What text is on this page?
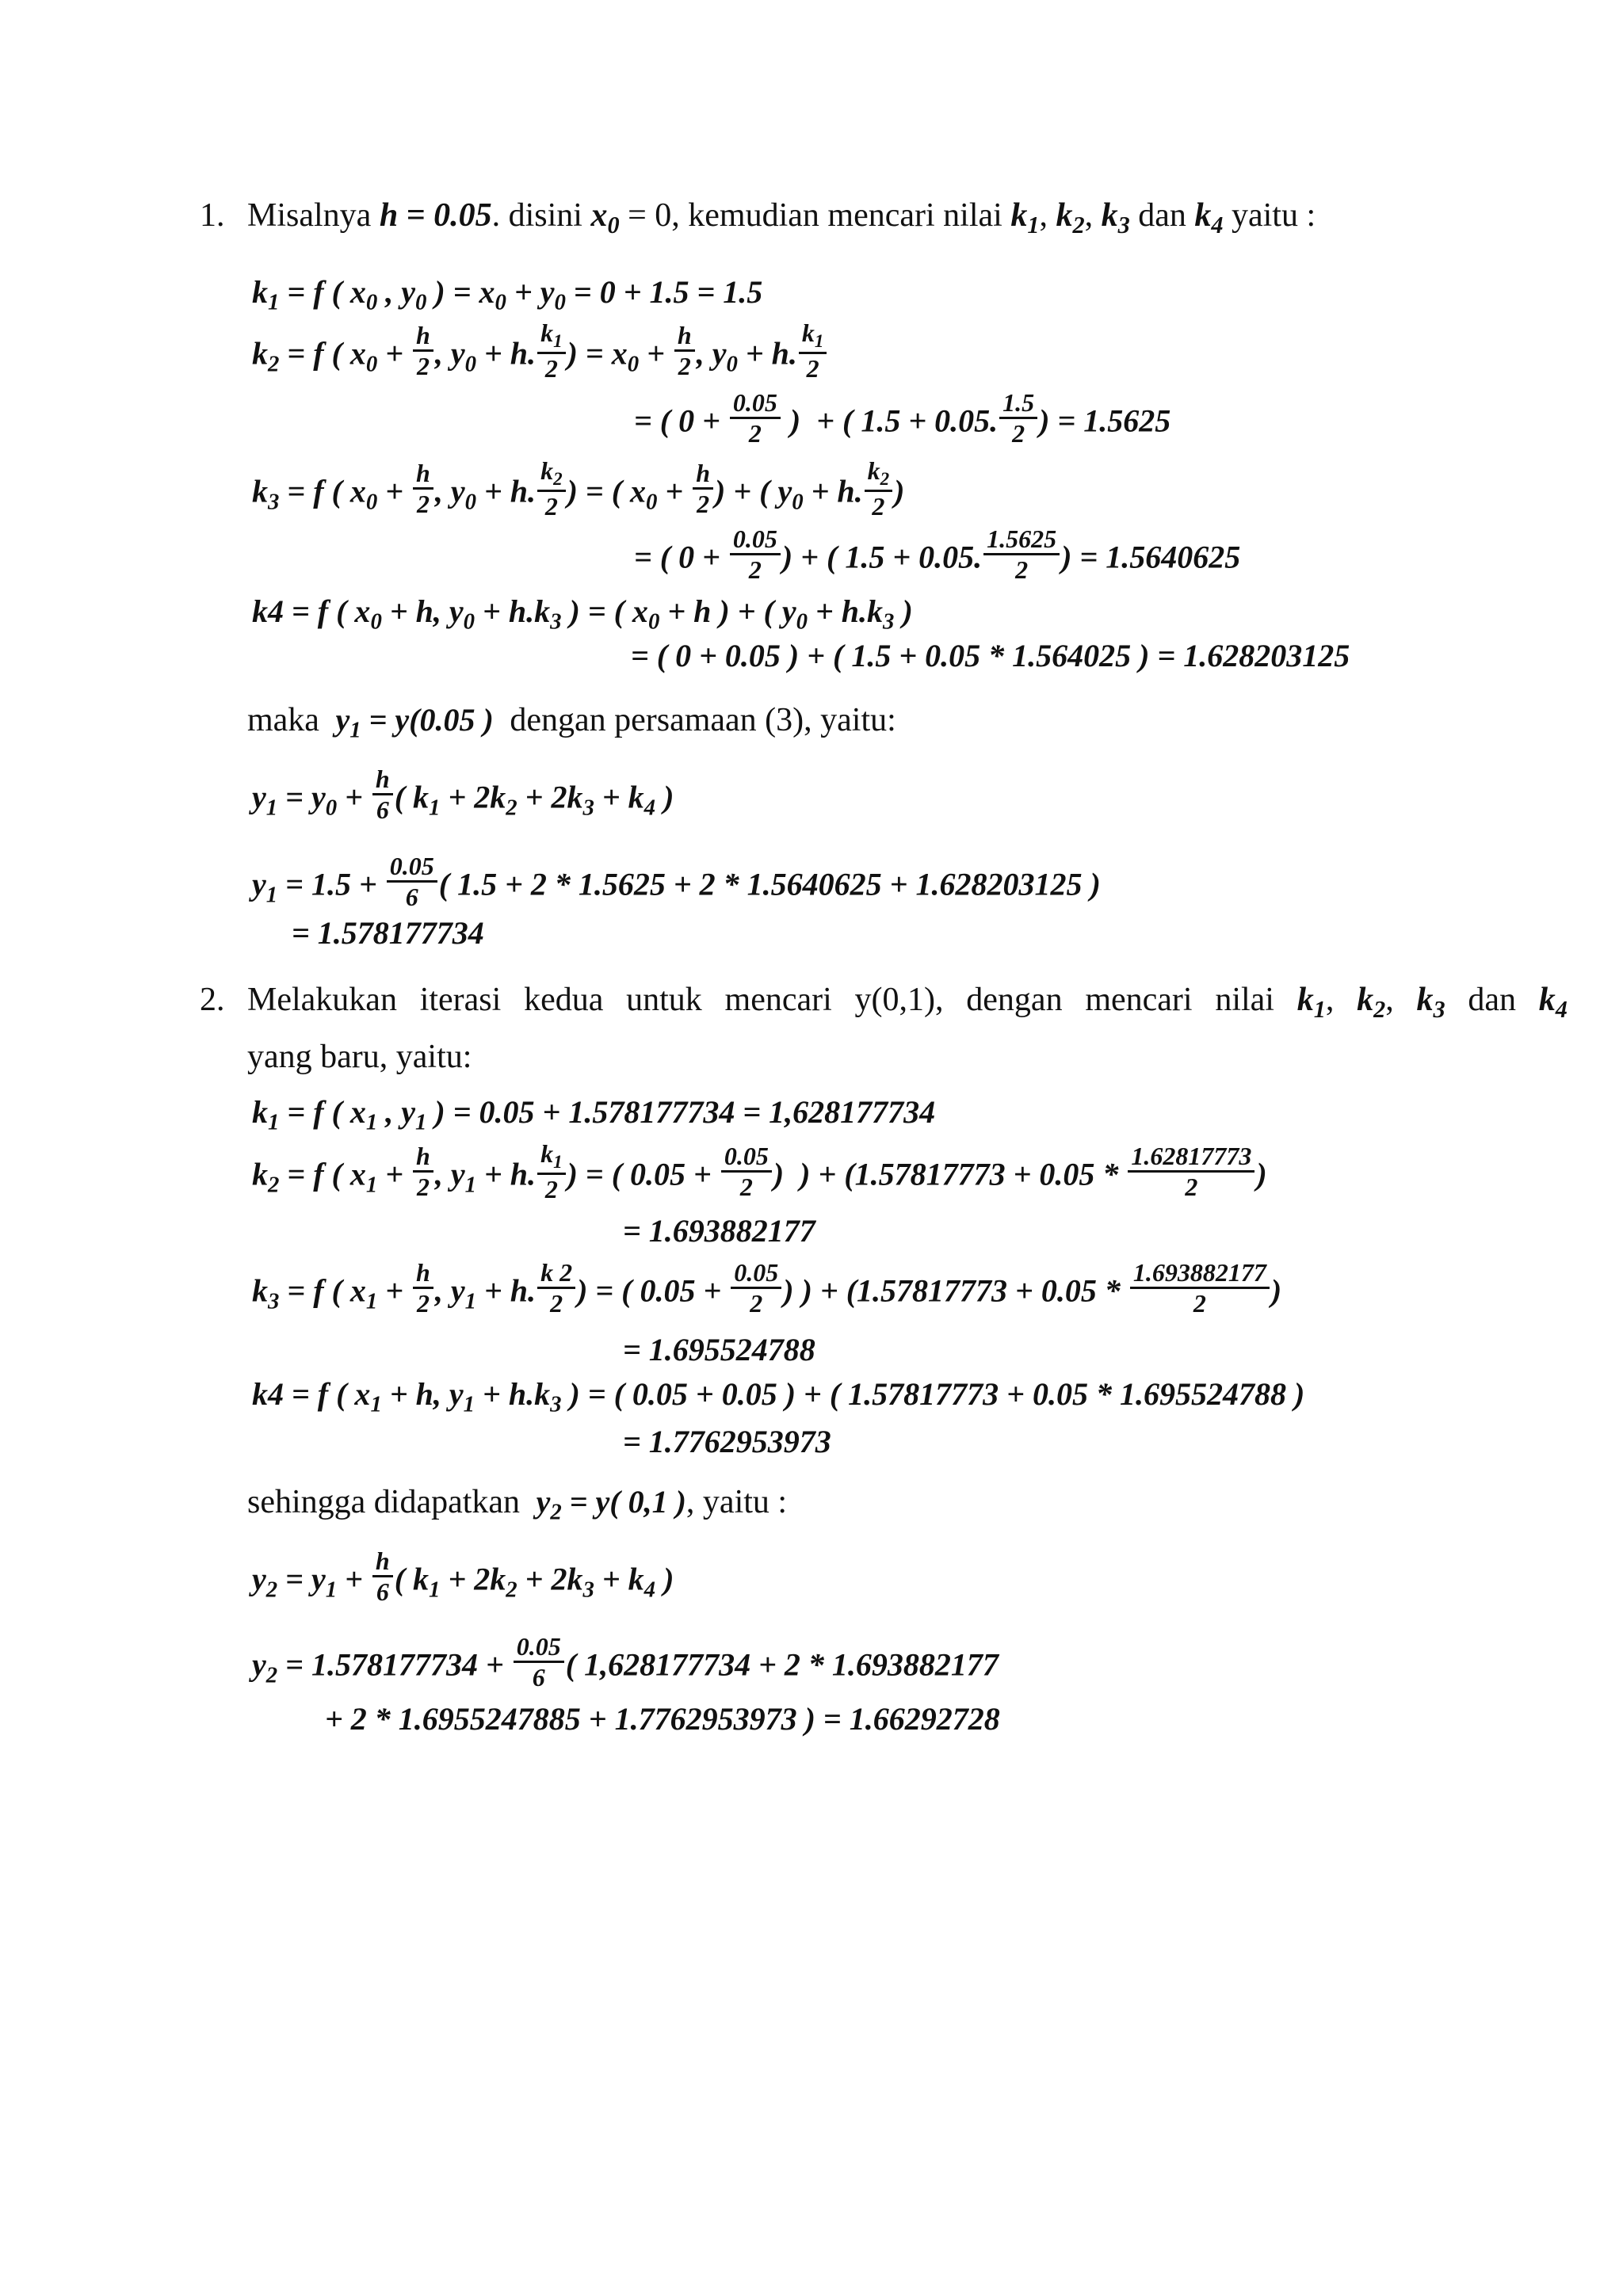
1. Misalnya h = 0.05. disini $x_0 = 0$, kemudian mencari nilai $k_1$, $k_2$, $k_3$ dan $k_4$ yaitu :
$k_1 = f$ ( $x_0$ , $y_0$ ) = $x_0 + y_0 = 0 + 1.5 = 1.5$
$k_2 = f$ ( $x_0 + \frac{h}{2}$ , $y_0 + h$. $\frac{k_1}{2}$ ) = $x_0 + \frac{h}{2}$ , $y_0 + h$. $\frac{k_1}{2}$
= ( $0 + \frac{0.05}{2}$ )  + ( 1.5 + 0.05. $\frac{1.5}{2}$ ) = 1.5625
$k_3 = f$ ( $x_0 + \frac{h}{2}$ , $y_0 + h$. $\frac{k_2}{2}$ ) = ( $x_0 + \frac{h}{2}$ ) + ( $y_0 + h$. $\frac{k_2}{2}$ )
= ( $0 + \frac{0.05}{2}$ ) + ( 1.5 + 0.05. $\frac{1.5625}{2}$ ) = 1.5640625
k4 = f ( $x_0 + h$, $y_0 + h.k_3$ ) = ( $x_0 + h$ ) + ( $y_0 + h.k_3$ )
= ( 0 + 0.05 ) + ( 1.5 + 0.05 * 1.564025 ) = 1.628203125
maka  $y_1 = y(0.05$ )  dengan persamaan (3), yaitu:
$y_1 = y_0 + \frac{h}{6}$ ( $k_1 + 2k_2 + 2k_3 + k_4$ )
$y_1 = 1.5 + \frac{0.05}{6}$ ( 1.5 + 2 * 1.5625 + 2 * 1.5640625 + 1.628203125 )
= 1.578177734
2. Melakukan iterasi kedua untuk mencari y(0,1), dengan mencari nilai $k_1$, $k_2$, $k_3$ dan $k_4$
yang baru, yaitu:
$k_1 = f$ ( $x_1$ , $y_1$ ) = 0.05 + 1.578177734 = 1,628177734
$k_2 = f$ ( $x_1 + \frac{h}{2}$ , $y_1 + h$. $\frac{k_1}{2}$ ) = ( $0.05 + \frac{0.05}{2}$ )  ) + ($1.57817773 + 0.05 * \frac{1.62817773}{2}$ )
= 1.693882177
$k_3 = f$ ( $x_1 + \frac{h}{2}$ , $y_1 + h$. $\frac{k 2}{2}$ ) = ( $0.05 + \frac{0.05}{2}$ ) ) + ($1.57817773 + 0.05 * \frac{1.693882177}{2}$ )
= 1.695524788
k4 = f ( $x_1 + h$, $y_1 + h.k_3$ ) = ( 0.05 + 0.05 ) + ( 1.57817773 + 0.05 * 1.695524788 )
= 1.7762953973
sehingga didapatkan  $y_2 = y$( 0,1 ), yaitu :
$y_2 = y_1 + \frac{h}{6}$ ( $k_1 + 2k_2 + 2k_3 + k_4$ )
$y_2 = 1.578177734 + \frac{0.05}{6}$ ( 1,628177734 + 2 * 1.693882177
+ 2 * 1.6955247885 + 1.7762953973 ) = 1.66292728
